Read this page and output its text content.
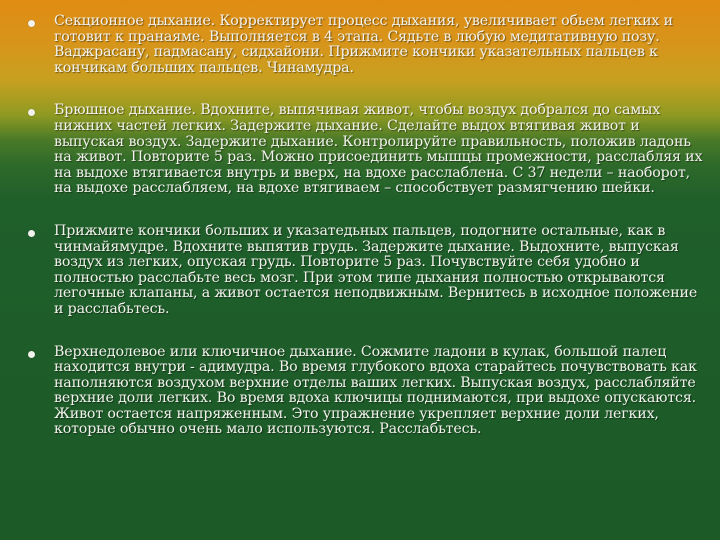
Секционное дыхание. Корректирует процесс дыхания, увеличивает обьем легких и готовит к пранаяме. Выполняется в 4 этапа. Сядьте в любую медитативную позу. Ваджрасану, падмасану, сидхайони. Прижмите кончики указательных пальцев к кончикам больших пальцев. Чинамудра.
Брюшное дыхание. Вдохните, выпячивая живот, чтобы воздух добрался до самых нижних частей легких. Задержите дыхание. Сделайте выдох втягивая живот и выпуская воздух. Задержите дыхание. Контролируйте правильность, положив ладонь на живот. Повторите 5 раз. Можно присоединить мышцы промежности, расслабляя их на выдохе втягивается внутрь и вверх, на вдохе расслаблена. С 37 недели – наоборот, на выдохе расслабляем, на вдохе втягиваем – способствует размягчению шейки.
Прижмите кончики больших и указатедьных пальцев, подогните остальные, как в чинмайямудре. Вдохните выпятив грудь. Задержите дыхание. Выдохните, выпуская воздух из легких, опуская грудь. Повторите 5 раз. Почувствуйте себя удобно и полностью расслабьте весь мозг. При этом типе дыхания полностью открываются легочные клапаны, а живот остается неподвижным. Вернитесь в исходное положение и расслабьтесь.
Верхнедолевое или ключичное дыхание. Сожмите ладони в кулак, большой палец находится внутри - адимудра. Во время глубокого вдоха старайтесь почувствовать как наполняются воздухом верхние отделы ваших легких. Выпуская воздух, расслабляйте верхние доли легких. Во время вдоха ключицы поднимаются, при выдохе опускаются. Живот остается напряженным. Это упражнение укрепляет верхние доли легких, которые обычно очень мало используются. Расслабьтесь.
